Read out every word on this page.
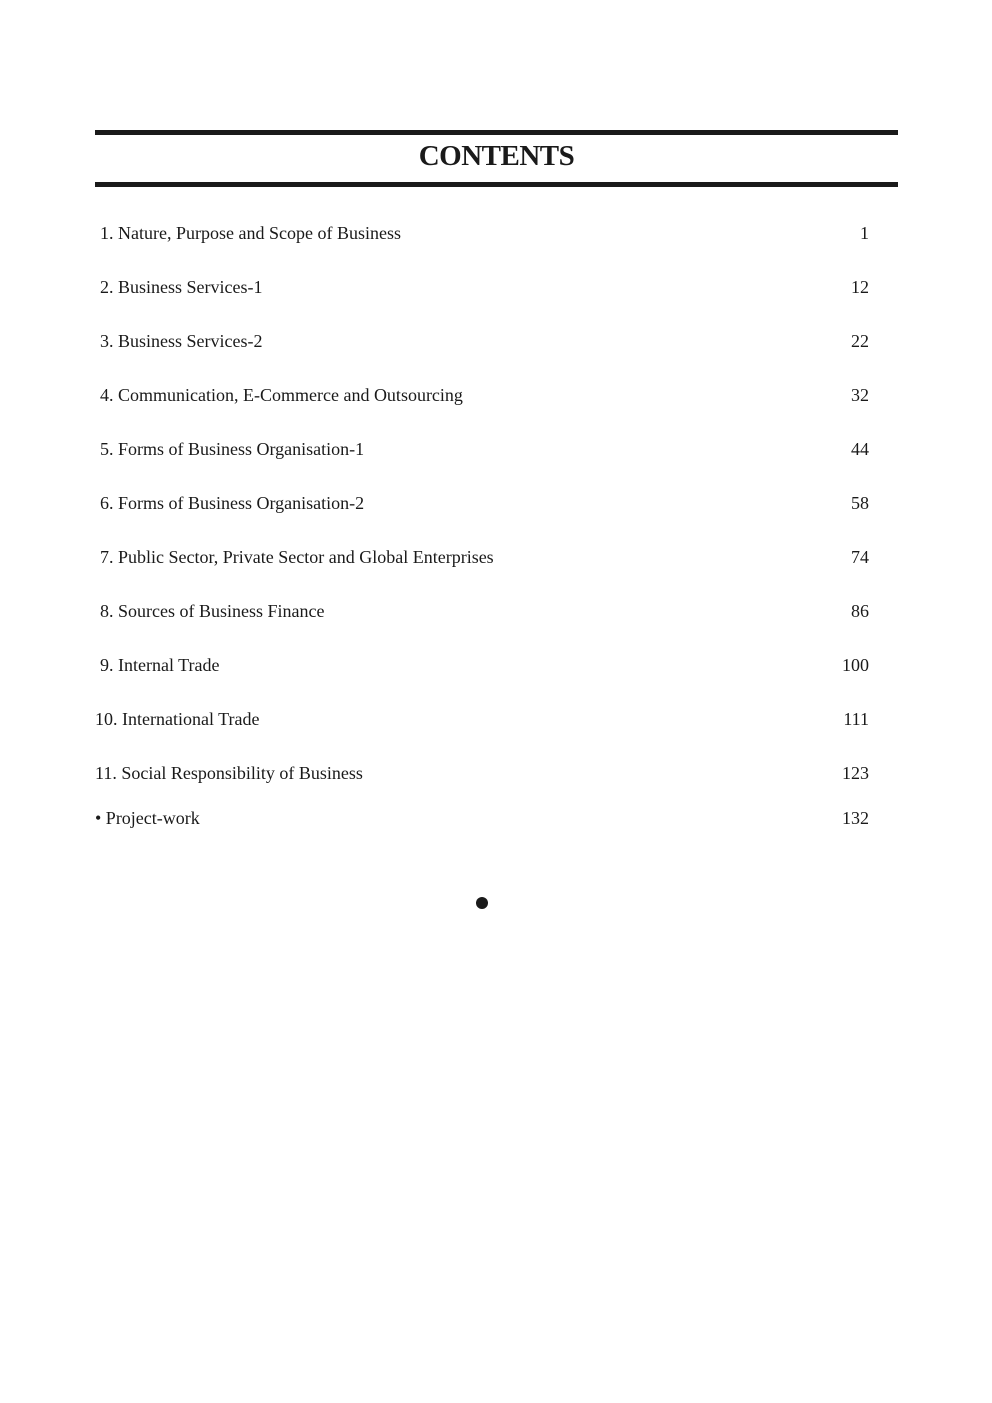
CONTENTS
1. Nature, Purpose and Scope of Business	1
2. Business Services-1	12
3. Business Services-2	22
4. Communication, E-Commerce and Outsourcing	32
5. Forms of Business Organisation-1	44
6. Forms of Business Organisation-2	58
7. Public Sector, Private Sector and Global Enterprises	74
8. Sources of Business Finance	86
9. Internal Trade	100
10. International Trade	111
11. Social Responsibility of Business	123
• Project-work	132
